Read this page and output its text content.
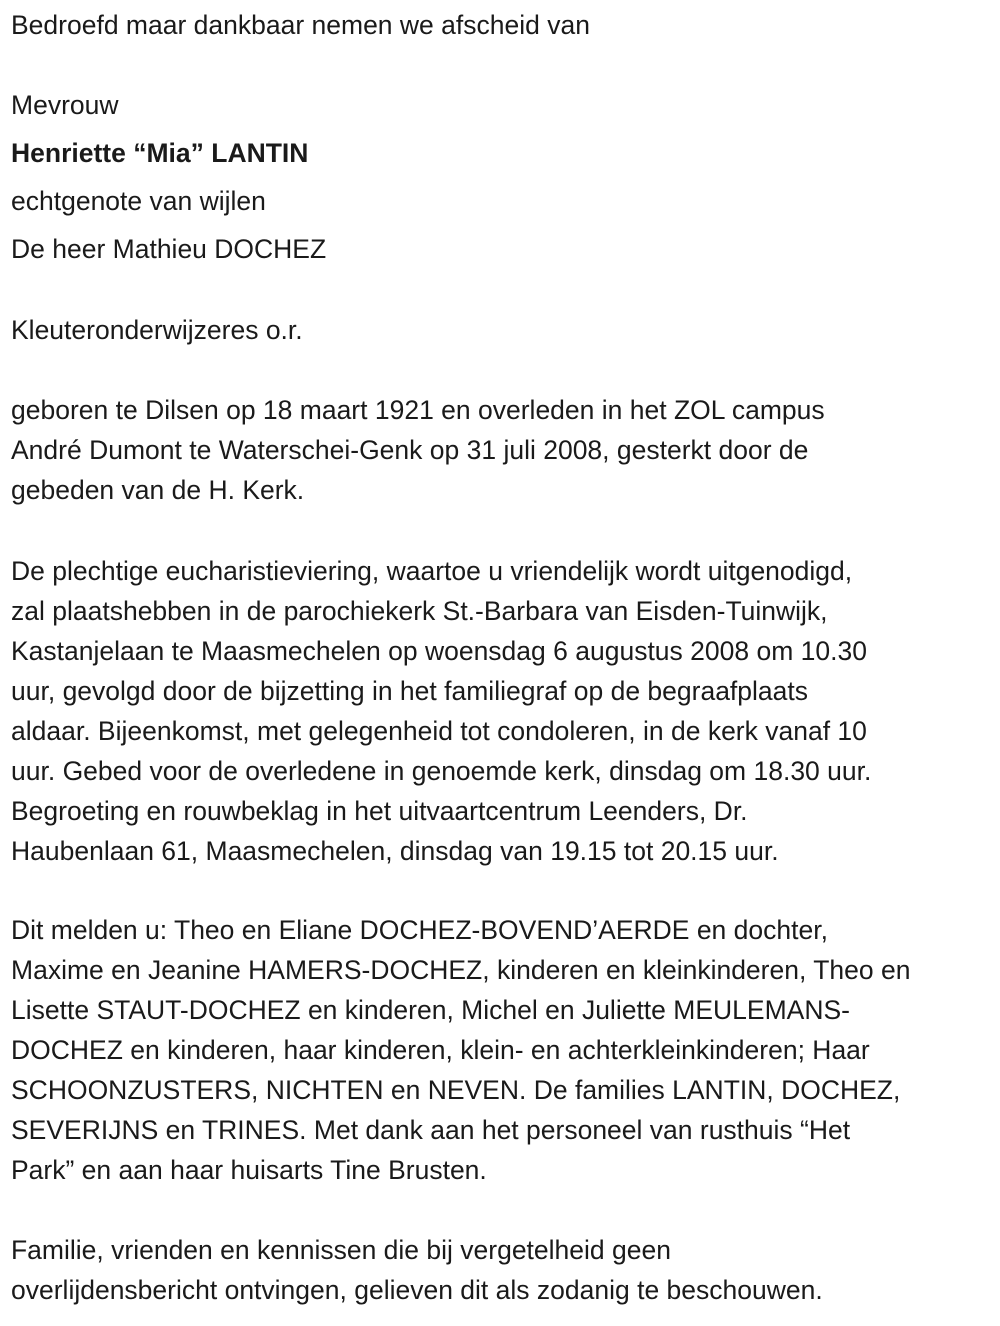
Bedroefd maar dankbaar nemen we afscheid van
Mevrouw
Henriette “Mia” LANTIN
echtgenote van wijlen
De heer Mathieu DOCHEZ
Kleuteronderwijzeres o.r.
geboren te Dilsen op 18 maart 1921 en overleden in het ZOL campus
André Dumont te Waterschei-Genk op 31 juli 2008, gesterkt door de
gebeden van de H. Kerk.
De plechtige eucharistieviering, waartoe u vriendelijk wordt uitgenodigd,
zal plaatshebben in de parochiekerk St.-Barbara van Eisden-Tuinwijk,
Kastanjelaan te Maasmechelen op woensdag 6 augustus 2008 om 10.30
uur, gevolgd door de bijzetting in het familiegraf op de begraafplaats
aldaar. Bijeenkomst, met gelegenheid tot condoleren, in de kerk vanaf 10
uur. Gebed voor de overledene in genoemde kerk, dinsdag om 18.30 uur.
Begroeting en rouwbeklag in het uitvaartcentrum Leenders, Dr.
Haubenlaan 61, Maasmechelen, dinsdag van 19.15 tot 20.15 uur.
Dit melden u: Theo en Eliane DOCHEZ-BOVEND’AERDE en dochter,
Maxime en Jeanine HAMERS-DOCHEZ, kinderen en kleinkinderen, Theo en
Lisette STAUT-DOCHEZ en kinderen, Michel en Juliette MEULEMANS-
DOCHEZ en kinderen, haar kinderen, klein- en achterkleinkinderen; Haar
SCHOONZUSTERS, NICHTEN en NEVEN. De families LANTIN, DOCHEZ,
SEVERIJNS en TRINES. Met dank aan het personeel van rusthuis “Het
Park” en aan haar huisarts Tine Brusten.
Familie, vrienden en kennissen die bij vergetelheid geen
overlijdensbericht ontvingen, gelieven dit als zodanig te beschouwen.
